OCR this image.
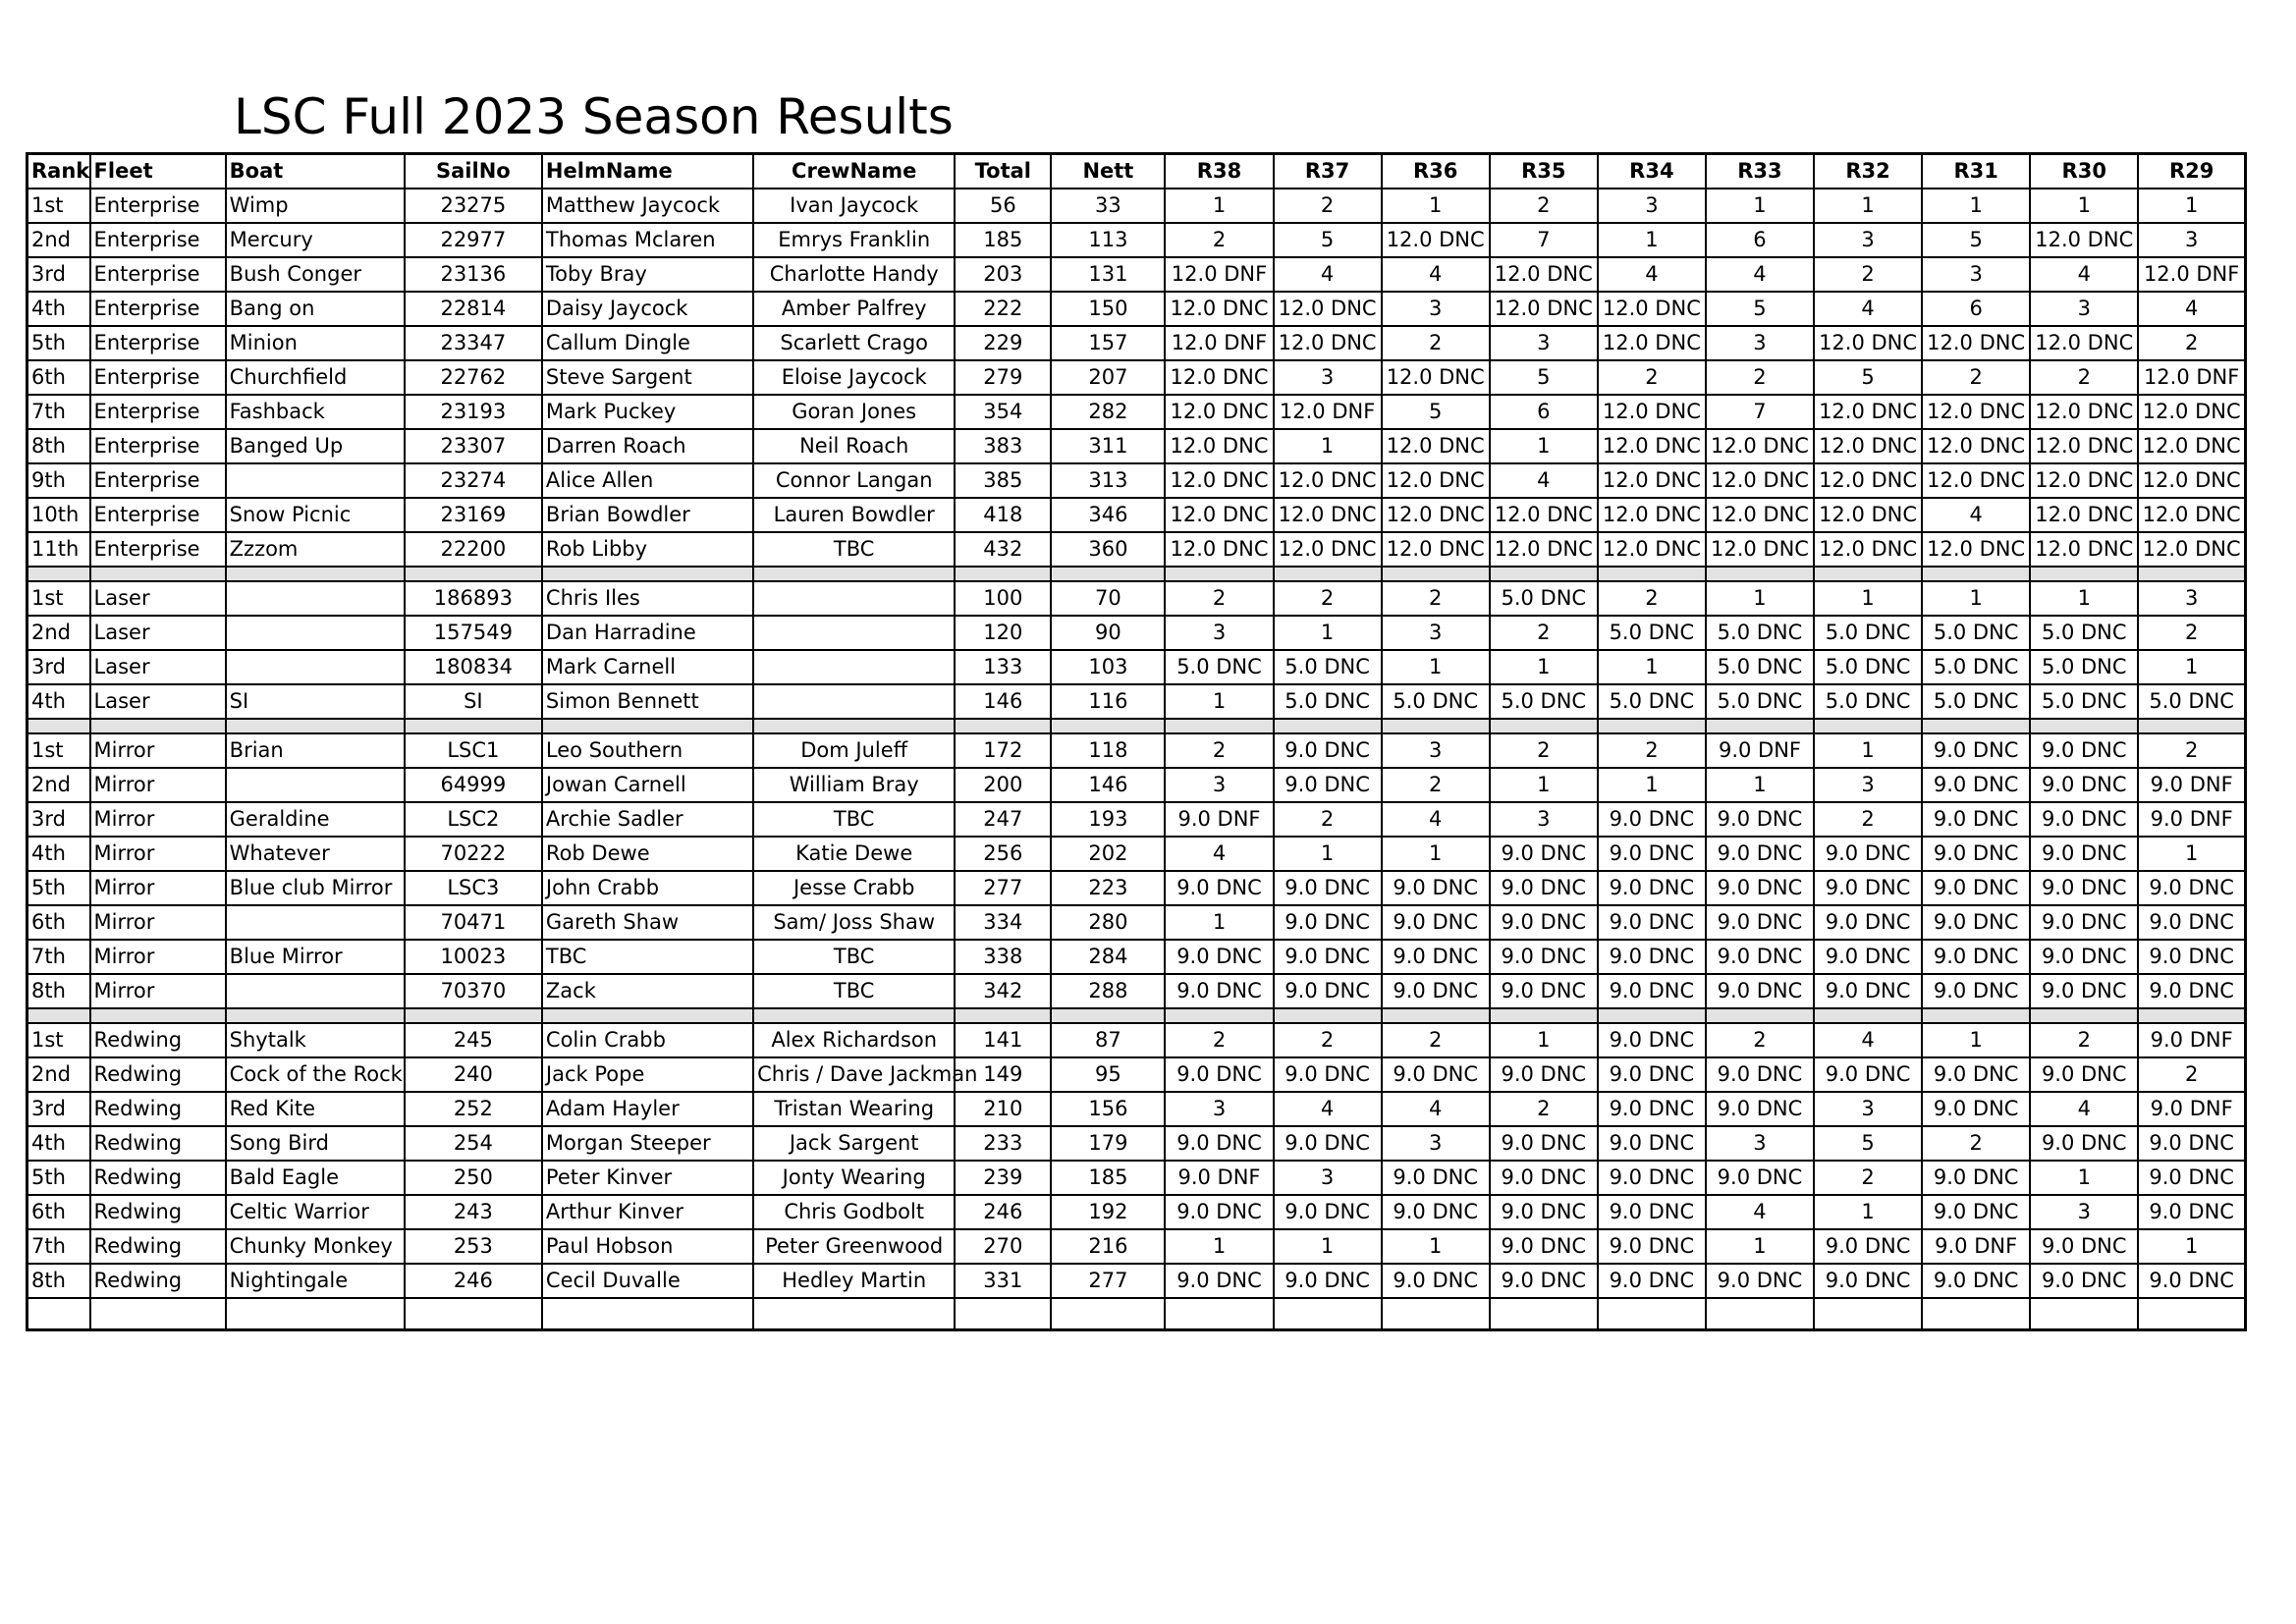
LSC Full 2023 Season Results
Rank	Fleet	Boat	SailNo	HelmName	CrewName	Total	Nett	R38	R37	R36	R35	R34	R33	R32	R31	R30	R29
1st	Enterprise	Wimp	23275	Matthew Jaycock	Ivan Jaycock	56	33	1	2	1	2	3	1	1	1	1	1
2nd	Enterprise	Mercury	22977	Thomas Mclaren	Emrys Franklin	185	113	2	5	12.0 DNC	7	1	6	3	5	12.0 DNC	3
3rd	Enterprise	Bush Conger	23136	Toby Bray	Charlotte Handy	203	131	12.0 DNF	4	4	12.0 DNC	4	4	2	3	4	12.0 DNF
4th	Enterprise	Bang on	22814	Daisy Jaycock	Amber Palfrey	222	150	12.0 DNC	12.0 DNC	3	12.0 DNC	12.0 DNC	5	4	6	3	4
5th	Enterprise	Minion	23347	Callum Dingle	Scarlett Crago	229	157	12.0 DNF	12.0 DNC	2	3	12.0 DNC	3	12.0 DNC	12.0 DNC	12.0 DNC	2
6th	Enterprise	Churchfield	22762	Steve Sargent	Eloise Jaycock	279	207	12.0 DNC	3	12.0 DNC	5	2	2	5	2	2	12.0 DNF
7th	Enterprise	Fashback	23193	Mark Puckey	Goran Jones	354	282	12.0 DNC	12.0 DNF	5	6	12.0 DNC	7	12.0 DNC	12.0 DNC	12.0 DNC	12.0 DNC
8th	Enterprise	Banged Up	23307	Darren Roach	Neil Roach	383	311	12.0 DNC	1	12.0 DNC	1	12.0 DNC	12.0 DNC	12.0 DNC	12.0 DNC	12.0 DNC	12.0 DNC
9th	Enterprise		23274	Alice Allen	Connor Langan	385	313	12.0 DNC	12.0 DNC	12.0 DNC	4	12.0 DNC	12.0 DNC	12.0 DNC	12.0 DNC	12.0 DNC	12.0 DNC
10th	Enterprise	Snow Picnic	23169	Brian Bowdler	Lauren Bowdler	418	346	12.0 DNC	12.0 DNC	12.0 DNC	12.0 DNC	12.0 DNC	12.0 DNC	12.0 DNC	4	12.0 DNC	12.0 DNC
11th	Enterprise	Zzzom	22200	Rob Libby	TBC	432	360	12.0 DNC	12.0 DNC	12.0 DNC	12.0 DNC	12.0 DNC	12.0 DNC	12.0 DNC	12.0 DNC	12.0 DNC	12.0 DNC

1st	Laser		186893	Chris Iles		100	70	2	2	2	5.0 DNC	2	1	1	1	1	3
2nd	Laser		157549	Dan Harradine		120	90	3	1	3	2	5.0 DNC	5.0 DNC	5.0 DNC	5.0 DNC	5.0 DNC	2
3rd	Laser		180834	Mark Carnell		133	103	5.0 DNC	5.0 DNC	1	1	1	5.0 DNC	5.0 DNC	5.0 DNC	5.0 DNC	1
4th	Laser	SI	SI	Simon Bennett		146	116	1	5.0 DNC	5.0 DNC	5.0 DNC	5.0 DNC	5.0 DNC	5.0 DNC	5.0 DNC	5.0 DNC	5.0 DNC

1st	Mirror	Brian	LSC1	Leo Southern	Dom Juleff	172	118	2	9.0 DNC	3	2	2	9.0 DNF	1	9.0 DNC	9.0 DNC	2
2nd	Mirror		64999	Jowan Carnell	William Bray	200	146	3	9.0 DNC	2	1	1	1	3	9.0 DNC	9.0 DNC	9.0 DNF
3rd	Mirror	Geraldine	LSC2	Archie Sadler	TBC	247	193	9.0 DNF	2	4	3	9.0 DNC	9.0 DNC	2	9.0 DNC	9.0 DNC	9.0 DNF
4th	Mirror	Whatever	70222	Rob Dewe	Katie Dewe	256	202	4	1	1	9.0 DNC	9.0 DNC	9.0 DNC	9.0 DNC	9.0 DNC	9.0 DNC	1
5th	Mirror	Blue club Mirror	LSC3	John Crabb	Jesse Crabb	277	223	9.0 DNC	9.0 DNC	9.0 DNC	9.0 DNC	9.0 DNC	9.0 DNC	9.0 DNC	9.0 DNC	9.0 DNC	9.0 DNC
6th	Mirror		70471	Gareth Shaw	Sam/ Joss Shaw	334	280	1	9.0 DNC	9.0 DNC	9.0 DNC	9.0 DNC	9.0 DNC	9.0 DNC	9.0 DNC	9.0 DNC	9.0 DNC
7th	Mirror	Blue Mirror	10023	TBC	TBC	338	284	9.0 DNC	9.0 DNC	9.0 DNC	9.0 DNC	9.0 DNC	9.0 DNC	9.0 DNC	9.0 DNC	9.0 DNC	9.0 DNC
8th	Mirror		70370	Zack	TBC	342	288	9.0 DNC	9.0 DNC	9.0 DNC	9.0 DNC	9.0 DNC	9.0 DNC	9.0 DNC	9.0 DNC	9.0 DNC	9.0 DNC

1st	Redwing	Shytalk	245	Colin Crabb	Alex Richardson	141	87	2	2	2	1	9.0 DNC	2	4	1	2	9.0 DNF
2nd	Redwing	Cock of the Rock	240	Jack Pope	Chris / Dave Jackman	149	95	9.0 DNC	9.0 DNC	9.0 DNC	9.0 DNC	9.0 DNC	9.0 DNC	9.0 DNC	9.0 DNC	9.0 DNC	2
3rd	Redwing	Red Kite	252	Adam Hayler	Tristan Wearing	210	156	3	4	4	2	9.0 DNC	9.0 DNC	3	9.0 DNC	4	9.0 DNF
4th	Redwing	Song Bird	254	Morgan Steeper	Jack Sargent	233	179	9.0 DNC	9.0 DNC	3	9.0 DNC	9.0 DNC	3	5	2	9.0 DNC	9.0 DNC
5th	Redwing	Bald Eagle	250	Peter Kinver	Jonty Wearing	239	185	9.0 DNF	3	9.0 DNC	9.0 DNC	9.0 DNC	9.0 DNC	2	9.0 DNC	1	9.0 DNC
6th	Redwing	Celtic Warrior	243	Arthur Kinver	Chris Godbolt	246	192	9.0 DNC	9.0 DNC	9.0 DNC	9.0 DNC	9.0 DNC	4	1	9.0 DNC	3	9.0 DNC
7th	Redwing	Chunky Monkey	253	Paul Hobson	Peter Greenwood	270	216	1	1	1	9.0 DNC	9.0 DNC	1	9.0 DNC	9.0 DNF	9.0 DNC	1
8th	Redwing	Nightingale	246	Cecil Duvalle	Hedley Martin	331	277	9.0 DNC	9.0 DNC	9.0 DNC	9.0 DNC	9.0 DNC	9.0 DNC	9.0 DNC	9.0 DNC	9.0 DNC	9.0 DNC
